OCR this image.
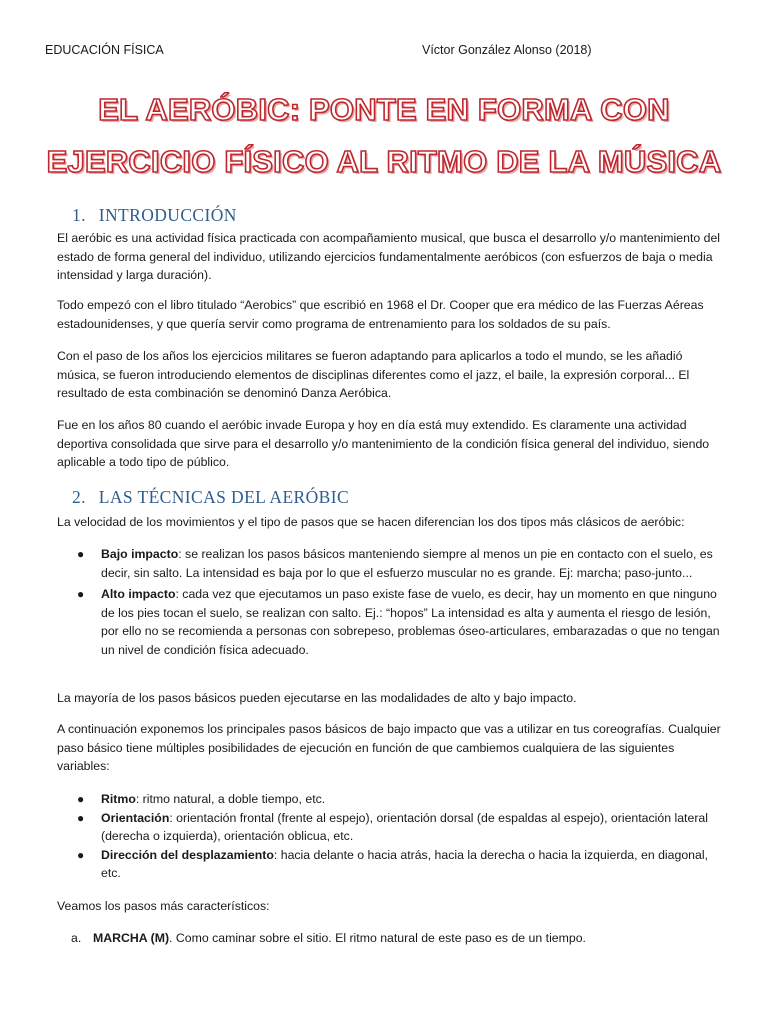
EDUCACIÓN FÍSICA	Víctor González Alonso (2018)
EL AERÓBIC: PONTE EN FORMA CON
EJERCICIO FÍSICO AL RITMO DE LA MÚSICA
1. INTRODUCCIÓN

El aeróbic es una actividad física practicada con acompañamiento musical, que busca el desarrollo y/o mantenimiento del estado de forma general del individuo, utilizando ejercicios fundamentalmente aeróbicos (con esfuerzos de baja o media intensidad y larga duración).

Todo empezó con el libro titulado “Aerobics” que escribió en 1968 el Dr. Cooper que era médico de las Fuerzas Aéreas estadounidenses, y que quería servir como programa de entrenamiento para los soldados de su país.

Con el paso de los años los ejercicios militares se fueron adaptando para aplicarlos a todo el mundo, se les añadió música, se fueron introduciendo elementos de disciplinas diferentes como el jazz, el baile, la expresión corporal... El resultado de esta combinación se denominó Danza Aeróbica.

Fue en los años 80 cuando el aeróbic invade Europa y hoy en día está muy extendido. Es claramente una actividad deportiva consolidada que sirve para el desarrollo y/o mantenimiento de la condición física general del individuo, siendo aplicable a todo tipo de público.

2. LAS TÉCNICAS DEL AERÓBIC

La velocidad de los movimientos y el tipo de pasos que se hacen diferencian los dos tipos más clásicos de aeróbic:

● Bajo impacto: se realizan los pasos básicos manteniendo siempre al menos un pie en contacto con el suelo, es decir, sin salto. La intensidad es baja por lo que el esfuerzo muscular no es grande. Ej: marcha; paso-junto...
● Alto impacto: cada vez que ejecutamos un paso existe fase de vuelo, es decir, hay un momento en que ninguno de los pies tocan el suelo, se realizan con salto. Ej.: “hopos” La intensidad es alta y aumenta el riesgo de lesión, por ello no se recomienda a personas con sobrepeso, problemas óseo-articulares, embarazadas o que no tengan un nivel de condición física adecuado.

La mayoría de los pasos básicos pueden ejecutarse en las modalidades de alto y bajo impacto.

A continuación exponemos los principales pasos básicos de bajo impacto que vas a utilizar en tus coreografías. Cualquier paso básico tiene múltiples posibilidades de ejecución en función de que cambiemos cualquiera de las siguientes variables:

● Ritmo: ritmo natural, a doble tiempo, etc.
● Orientación: orientación frontal (frente al espejo), orientación dorsal (de espaldas al espejo), orientación lateral (derecha o izquierda), orientación oblicua, etc.
● Dirección del desplazamiento: hacia delante o hacia atrás, hacia la derecha o hacia la izquierda, en diagonal, etc.

Veamos los pasos más característicos:

a. MARCHA (M). Como caminar sobre el sitio. El ritmo natural de este paso es de un tiempo.
